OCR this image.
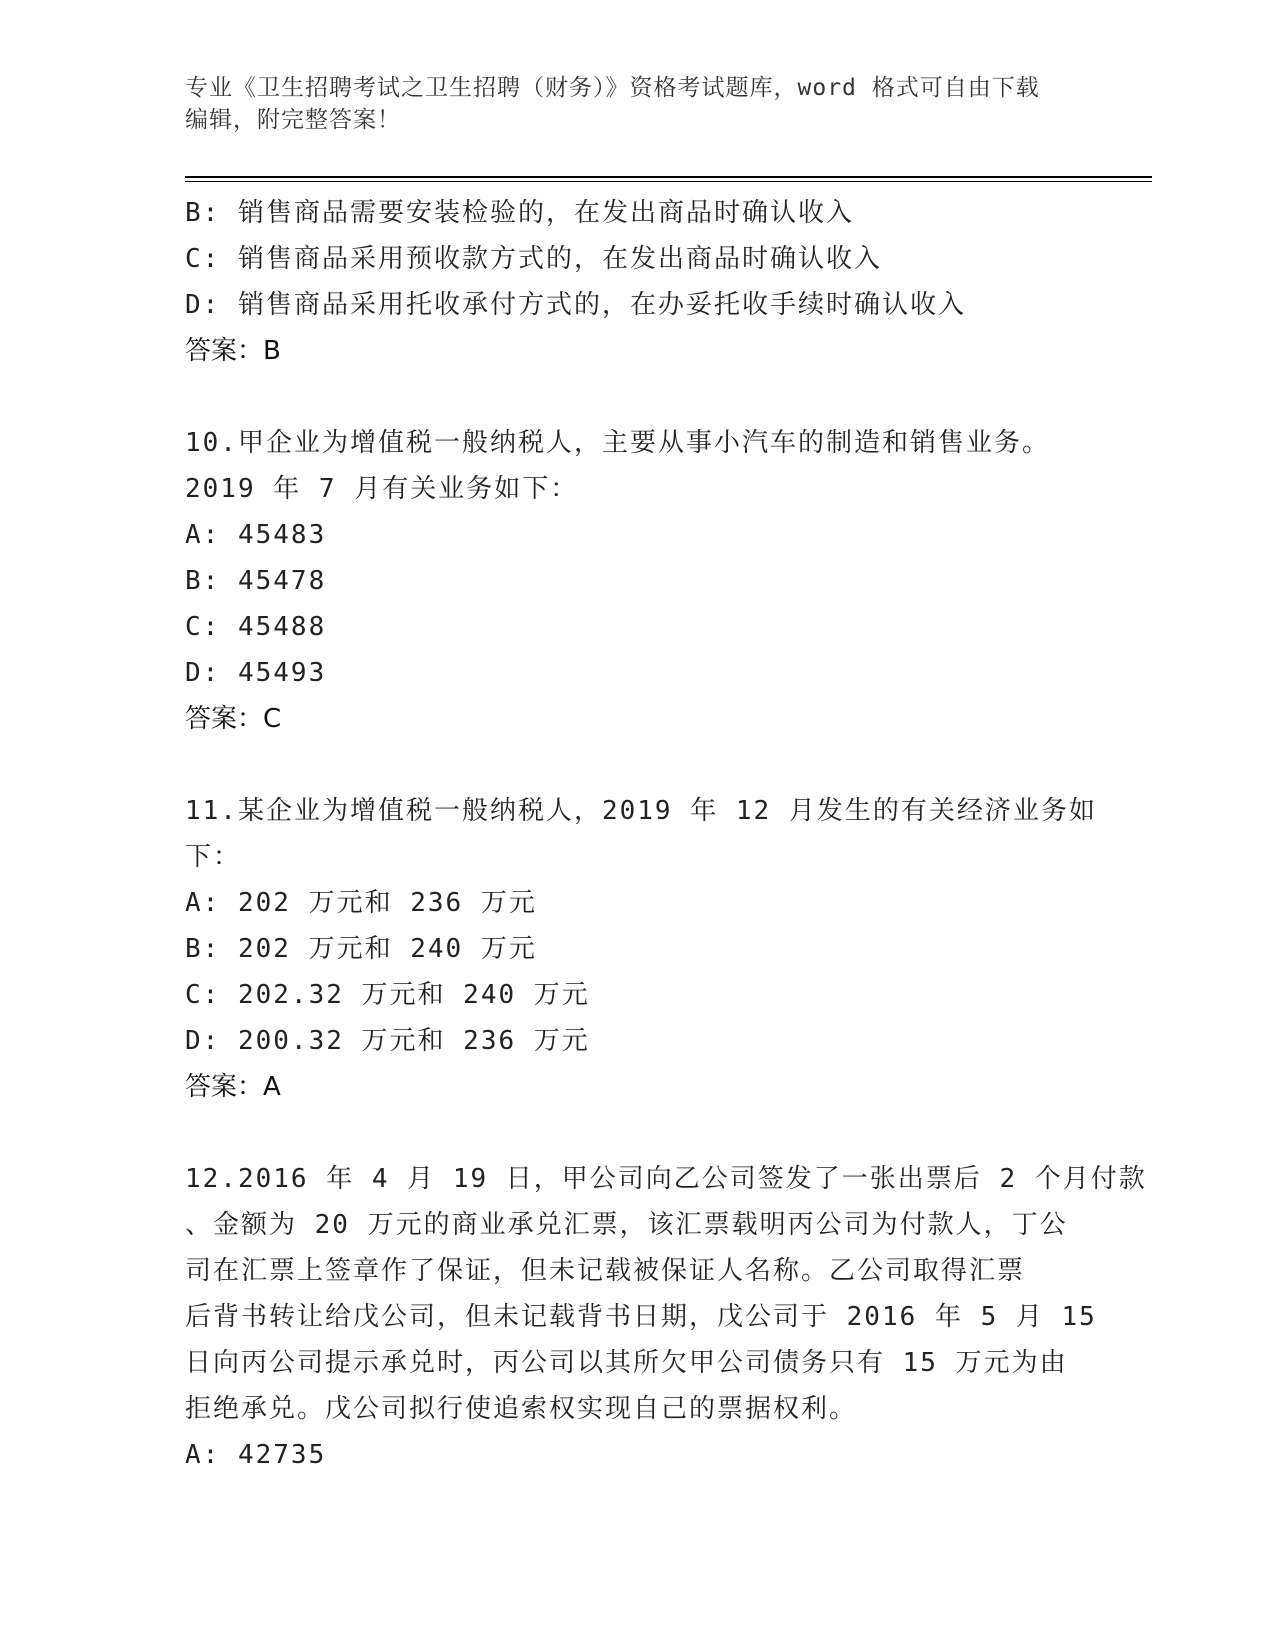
专业《卫生招聘考试之卫生招聘（财务）》资格考试题库，word 格式可自由下载
编辑，附完整答案！
B: 销售商品需要安装检验的，在发出商品时确认收入
C: 销售商品采用预收款方式的，在发出商品时确认收入
D: 销售商品采用托收承付方式的，在办妥托收手续时确认收入
答案：B
10.甲企业为增值税一般纳税人，主要从事小汽车的制造和销售业务。
2019 年 7 月有关业务如下：
A: 45483
B: 45478
C: 45488
D: 45493
答案：C
11.某企业为增值税一般纳税人，2019 年 12 月发生的有关经济业务如
下：
A: 202 万元和 236 万元
B: 202 万元和 240 万元
C: 202.32 万元和 240 万元
D: 200.32 万元和 236 万元
答案：A
12.2016 年 4 月 19 日，甲公司向乙公司签发了一张出票后 2 个月付款
、金额为 20 万元的商业承兑汇票，该汇票载明丙公司为付款人，丁公
司在汇票上签章作了保证，但未记载被保证人名称。乙公司取得汇票
后背书转让给戊公司，但未记载背书日期，戊公司于 2016 年 5 月 15
日向丙公司提示承兑时，丙公司以其所欠甲公司债务只有 15 万元为由
拒绝承兑。戊公司拟行使追索权实现自己的票据权利。
A: 42735
